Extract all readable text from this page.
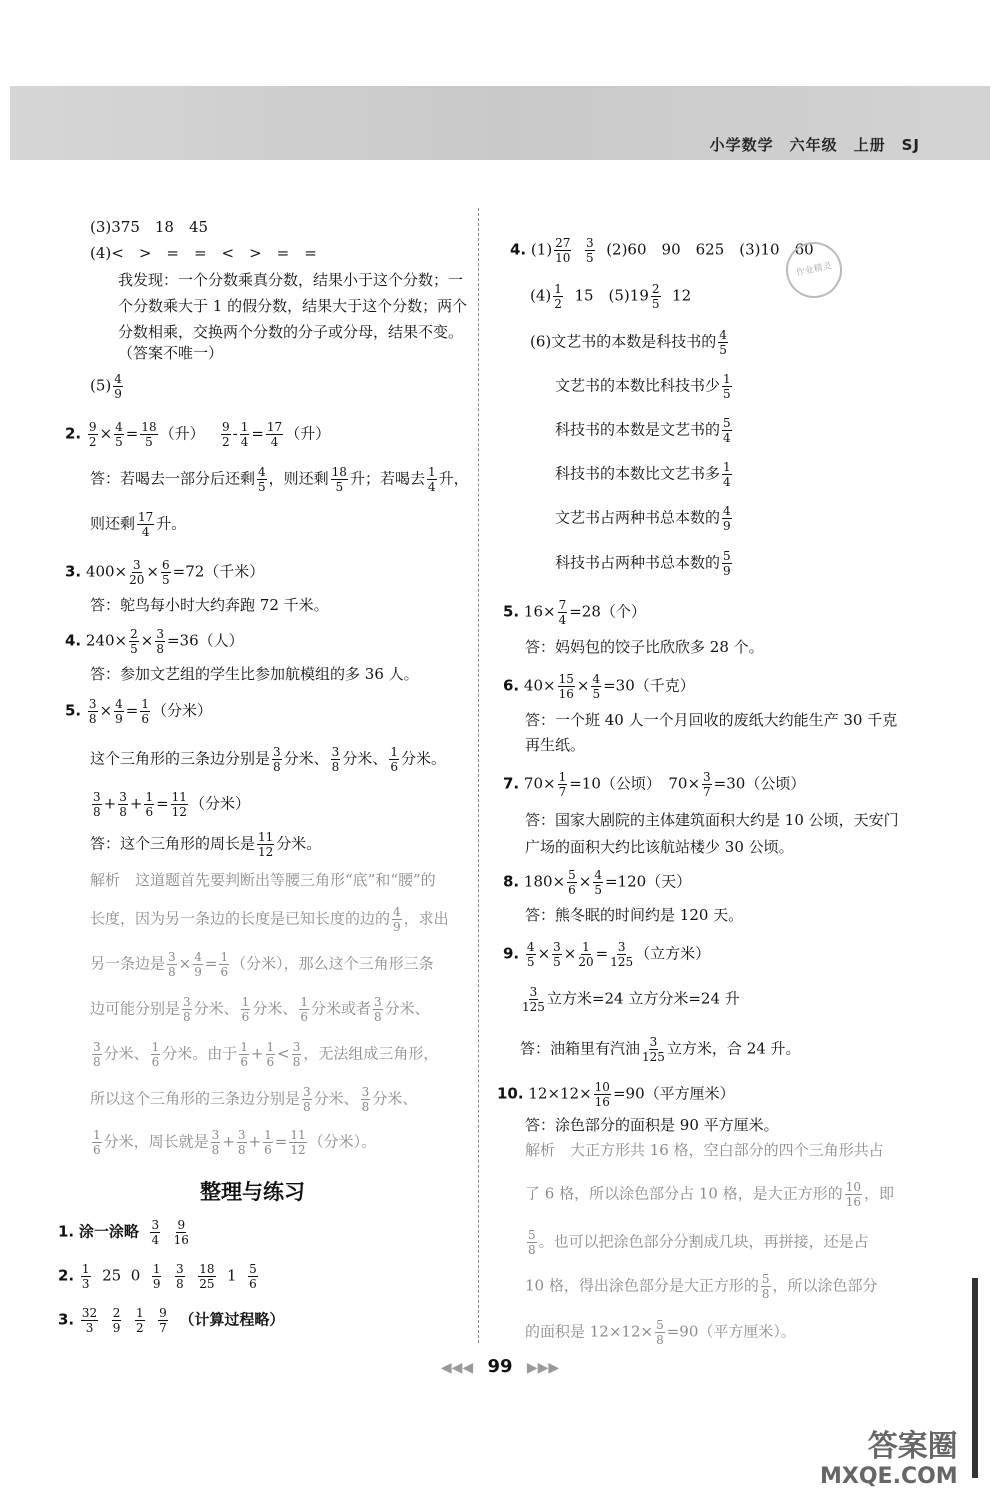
小学数学　六年级　上册　SJ
(3)375　18　45
(4)<　>　=　=　<　>　=　=
我发现：一个分数乘真分数，结果小于这个分数；一
个分数乘大于 1 的假分数，结果大于这个分数；两个
分数相乘，交换两个分数的分子或分母，结果不变。
（答案不唯一）
$(5) \frac{4}{9}$
2. $\frac{9}{2} \times \frac{4}{5} = \frac{18}{5}$ （升） $\frac{9}{2} - \frac{1}{4} = \frac{17}{4}$ （升）
答：若喝去一部分后还剩 $\frac{4}{5}$ ，则还剩 $\frac{18}{5}$ 升；若喝去 $\frac{1}{4}$ 升，
则还剩 $\frac{17}{4}$ 升。
3. $400\times \frac{3}{20} \times \frac{6}{5} =72$（千米）
答：鸵鸟每小时大约奔跑 72 千米。
4. $240\times \frac{2}{5} \times \frac{3}{8} =36$（人）
答：参加文艺组的学生比参加航模组的多 36 人。
5. $\frac{3}{8} \times \frac{4}{9} = \frac{1}{6}$ （分米）
这个三角形的三条边分别是 $\frac{3}{8}$ 分米、 $\frac{3}{8}$ 分米、 $\frac{1}{6}$ 分米。
$\frac{3}{8} + \frac{3}{8} + \frac{1}{6} = \frac{11}{12}$ （分米）
答：这个三角形的周长是 $\frac{11}{12}$ 分米。
解析　这道题首先要判断出等腰三角形“底”和“腰”的
长度，因为另一条边的长度是已知长度的边的 $\frac{4}{9}$ ，求出
另一条边是 $\frac{3}{8} \times \frac{4}{9} = \frac{1}{6}$ （分米），那么这个三角形三条
边可能分别是 $\frac{3}{8}$ 分米、 $\frac{1}{6}$ 分米、 $\frac{1}{6}$ 分米或者 $\frac{3}{8}$ 分米、
$\frac{3}{8}$ 分米、 $\frac{1}{6}$ 分米。由于 $\frac{1}{6} + \frac{1}{6} < \frac{3}{8}$ ，无法组成三角形，
所以这个三角形的三条边分别是 $\frac{3}{8}$ 分米、 $\frac{3}{8}$ 分米、
$\frac{1}{6}$ 分米，周长就是 $\frac{3}{8} + \frac{3}{8} + \frac{1}{6} = \frac{11}{12}$ （分米）。
整理与练习
1. 涂一涂略 $\frac{3}{4}$
$\frac{9}{16}$
2. $\frac{1}{3} 25$ $0 \frac{1}{9}$
$\frac{3}{8}$
$\frac{18}{25} 1 \frac{5}{6}$
3. $\frac{32}{3}$
$\frac{2}{9}$
$\frac{1}{2}$
$\frac{9}{7}$ （计算过程略）
4. $(1) \frac{27}{10}$
$\frac{3}{5} (2)60$　90　625　(3)10　60
$(4) \frac{1}{2} 15$　$(5)19 \frac{2}{5} 12$
作业精灵
(6)文艺书的本数是科技书的 $\frac{4}{5}$
文艺书的本数比科技书少 $\frac{1}{5}$
科技书的本数是文艺书的 $\frac{5}{4}$
科技书的本数比文艺书多 $\frac{1}{4}$
文艺书占两种书总本数的 $\frac{4}{9}$
科技书占两种书总本数的 $\frac{5}{9}$
5. $16\times \frac{7}{4} =28$（个）
答：妈妈包的饺子比欣欣多 28 个。
6. $40\times \frac{15}{16} \times \frac{4}{5} =30$（千克）
答：一个班 40 人一个月回收的废纸大约能生产 30 千克
再生纸。
7. $70\times \frac{1}{7} =10$（公顷）　$70\times \frac{3}{7} =30$（公顷）
答：国家大剧院的主体建筑面积大约是 10 公顷，天安门
广场的面积大约比该航站楼少 30 公顷。
8. $180\times \frac{5}{6} \times \frac{4}{5} =120$（天）
答：熊冬眠的时间约是 120 天。
9. $\frac{4}{5} \times \frac{3}{5} \times \frac{1}{20} = \frac{3}{125}$ （立方米）
$\frac{3}{125}$ 立方米=24 立方分米=24 升
答：油箱里有汽油 $\frac{3}{125}$ 立方米，合 24 升。
10. $12\times 12\times \frac{10}{16} =90$（平方厘米）
答：涂色部分的面积是 90 平方厘米。
解析　大正方形共 16 格，空白部分的四个三角形共占
了 6 格，所以涂色部分占 10 格，是大正方形的 $\frac{10}{16}$ ，即
$\frac{5}{8}$ 。也可以把涂色部分分割成几块，再拼接，还是占
10 格，得出涂色部分是大正方形的 $\frac{5}{8}$ ，所以涂色部分
的面积是 $12\times 12\times \frac{5}{8} =90$（平方厘米）。
◀◀◀ 99 ▶▶▶
答案圈
MXQE.COM
